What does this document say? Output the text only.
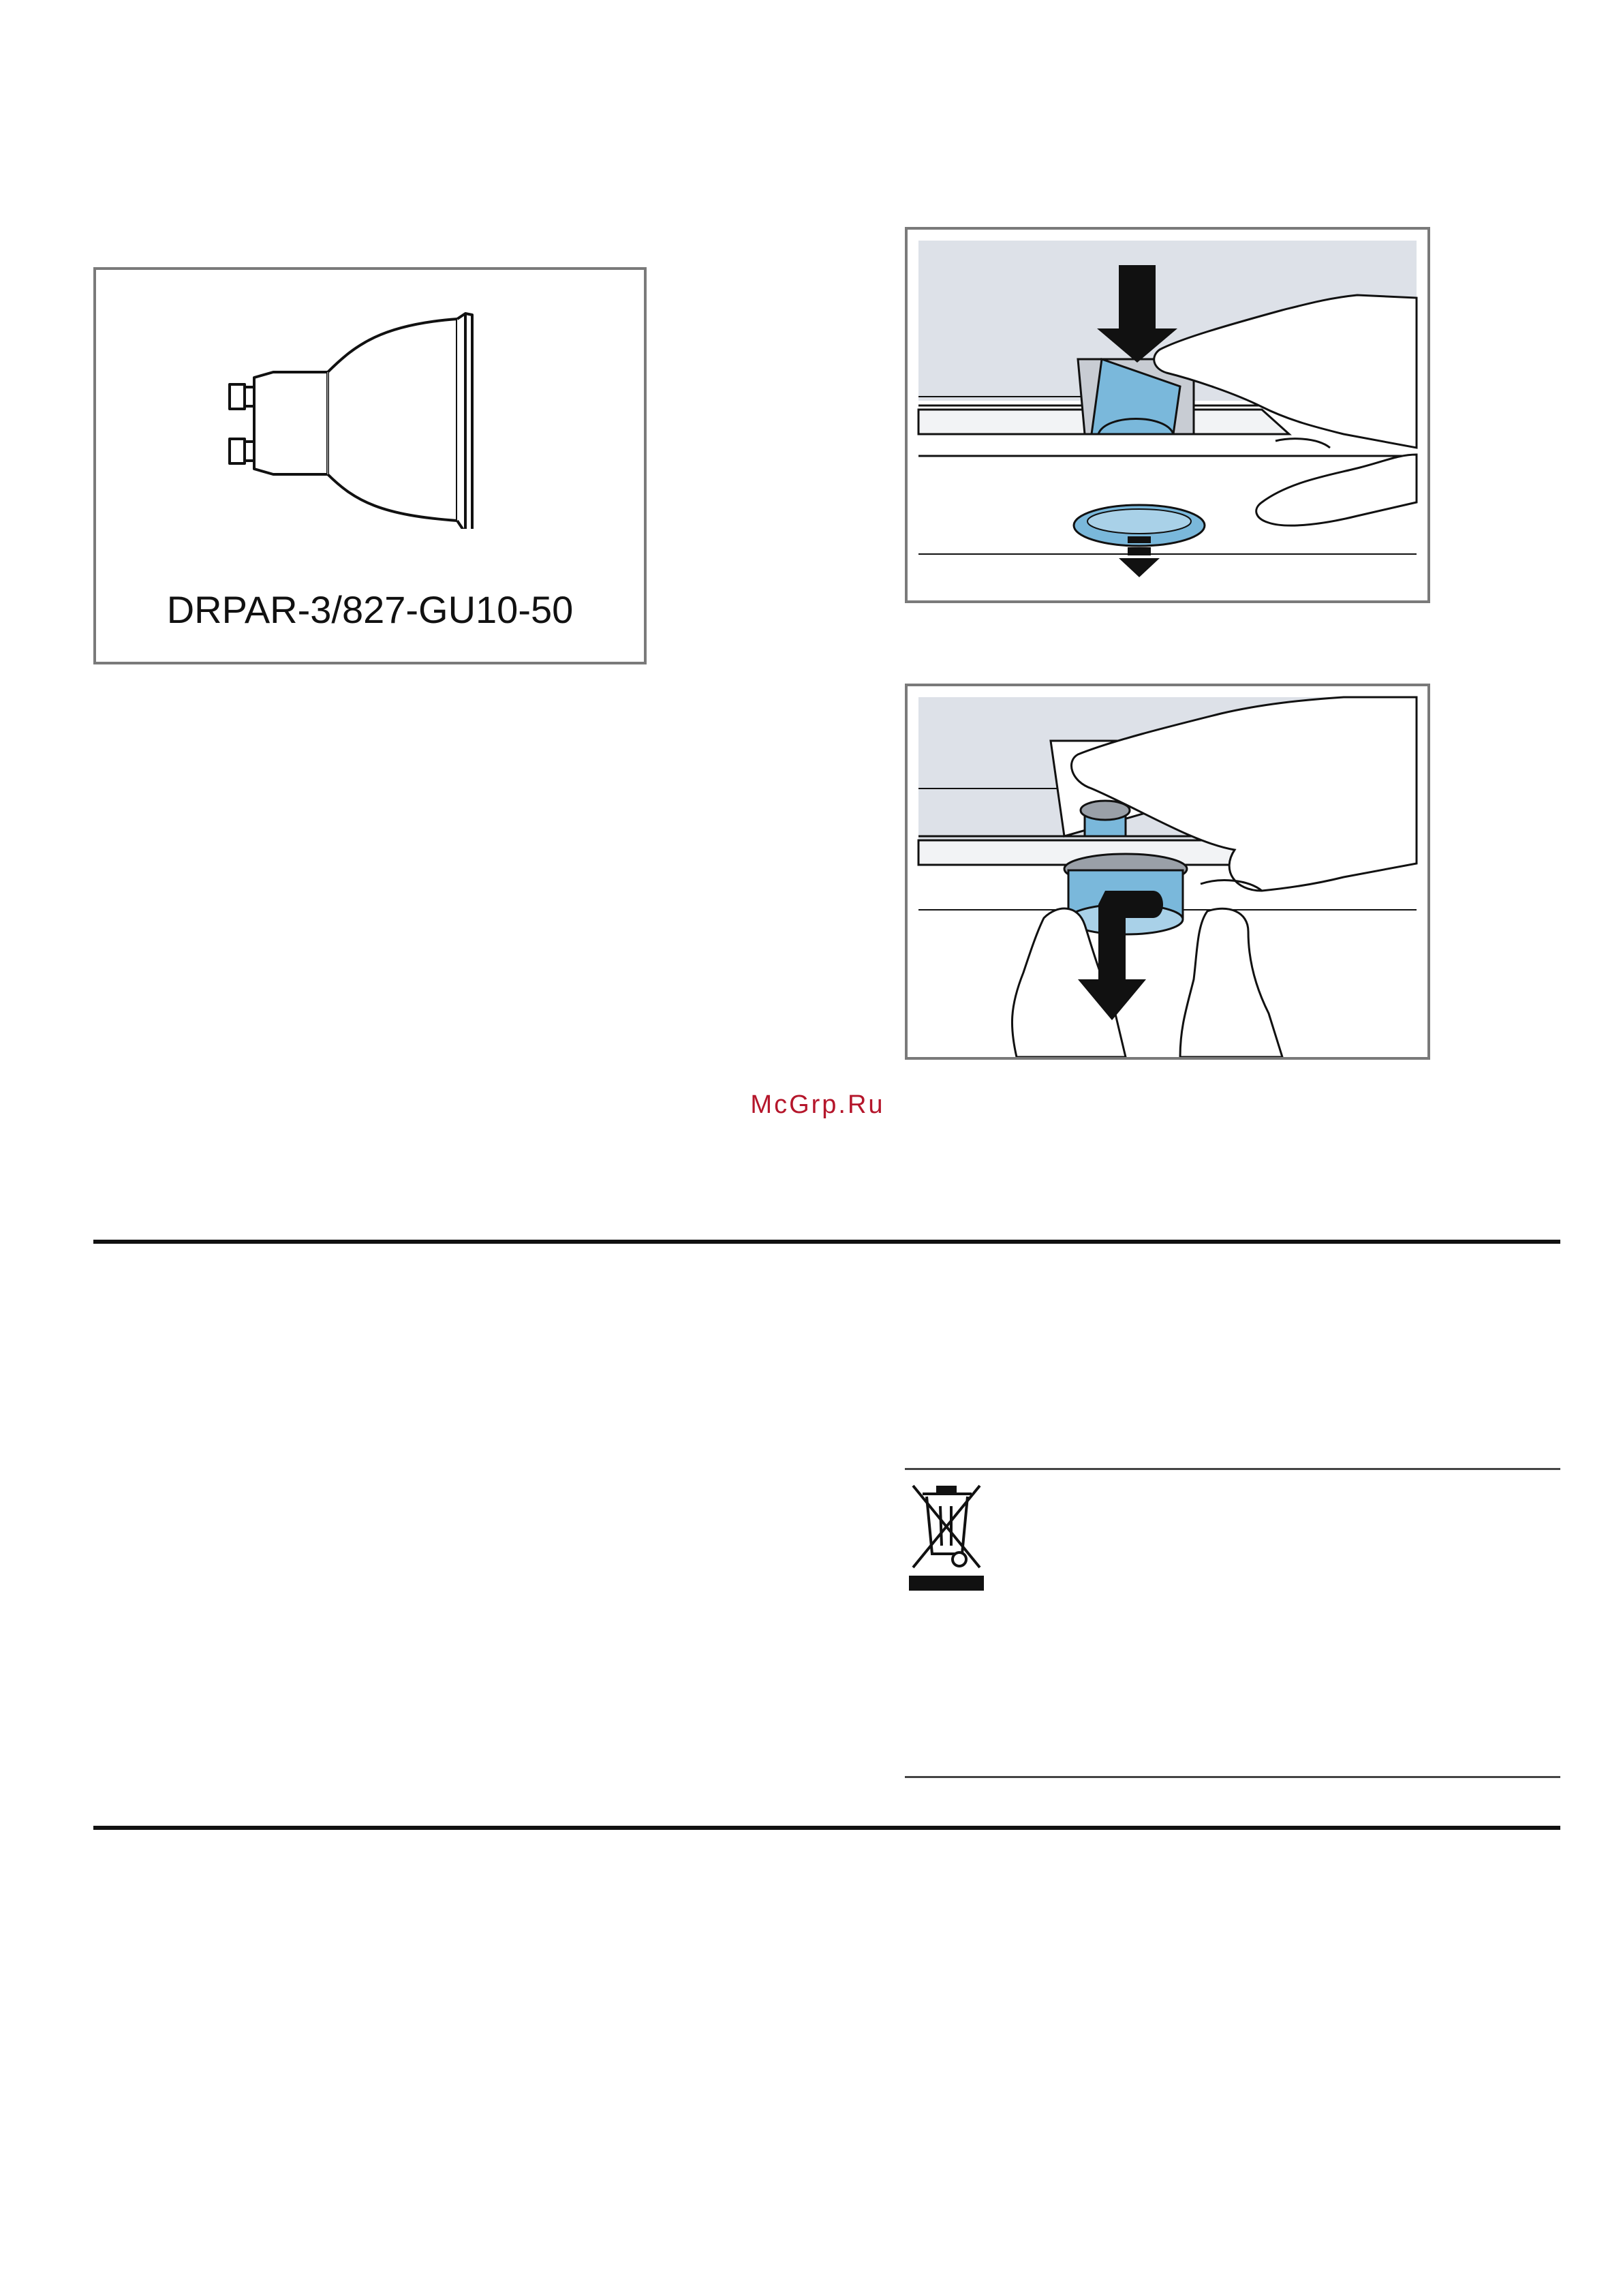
DRPAR-3/827-GU10-50
McGrp.Ru
